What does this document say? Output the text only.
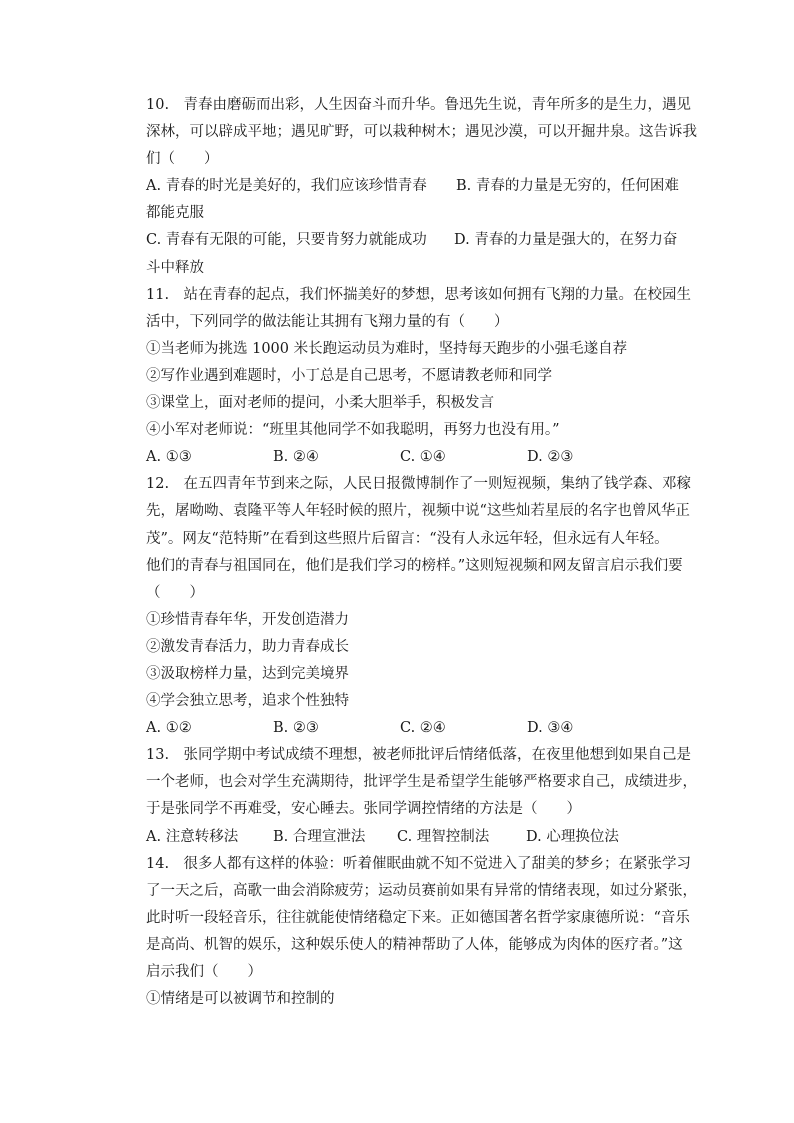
10.　青春由磨砺而出彩，人生因奋斗而升华。鲁迅先生说，青年所多的是生力，遇见
深林，可以辟成平地；遇见旷野，可以栽种树木；遇见沙漠，可以开掘井泉。这告诉我
们（　　）
A. 青春的时光是美好的，我们应该珍惜青春 B. 青春的力量是无穷的，任何困难
都能克服
C. 青春有无限的可能，只要肯努力就能成功 D. 青春的力量是强大的，在努力奋
斗中释放
11.　站在青春的起点，我们怀揣美好的梦想，思考该如何拥有飞翔的力量。在校园生
活中，下列同学的做法能让其拥有飞翔力量的有（　　）
①当老师为挑选 1000 米长跑运动员为难时，坚持每天跑步的小强毛遂自荐
②写作业遇到难题时，小丁总是自己思考，不愿请教老师和同学
③课堂上，面对老师的提问，小柔大胆举手，积极发言
④小军对老师说：“班里其他同学不如我聪明，再努力也没有用。”
A. ①③	B. ②④	C. ①④	D. ②③
12.　在五四青年节到来之际，人民日报微博制作了一则短视频，集纳了钱学森、邓稼
先，屠呦呦、袁隆平等人年轻时候的照片，视频中说“这些灿若星辰的名字也曾风华正
茂”。网友“范特斯”在看到这些照片后留言：“没有人永远年轻，但永远有人年轻。
他们的青春与祖国同在，他们是我们学习的榜样。”这则短视频和网友留言启示我们要
（　　）
①珍惜青春年华，开发创造潜力
②激发青春活力，助力青春成长
③汲取榜样力量，达到完美境界
④学会独立思考，追求个性独特
A. ①②	B. ②③	C. ②④	D. ③④
13.　张同学期中考试成绩不理想，被老师批评后情绪低落，在夜里他想到如果自己是
一个老师，也会对学生充满期待，批评学生是希望学生能够严格要求自己，成绩进步，
于是张同学不再难受，安心睡去。张同学调控情绪的方法是（　　）
A. 注意转移法	B. 合理宣泄法	C. 理智控制法	D. 心理换位法
14.　很多人都有这样的体验：听着催眠曲就不知不觉进入了甜美的梦乡；在紧张学习
了一天之后，高歌一曲会消除疲劳；运动员赛前如果有异常的情绪表现，如过分紧张，
此时听一段轻音乐，往往就能使情绪稳定下来。正如德国著名哲学家康德所说：“音乐
是高尚、机智的娱乐，这种娱乐使人的精神帮助了人体，能够成为肉体的医疗者。”这
启示我们（　　）
①情绪是可以被调节和控制的
